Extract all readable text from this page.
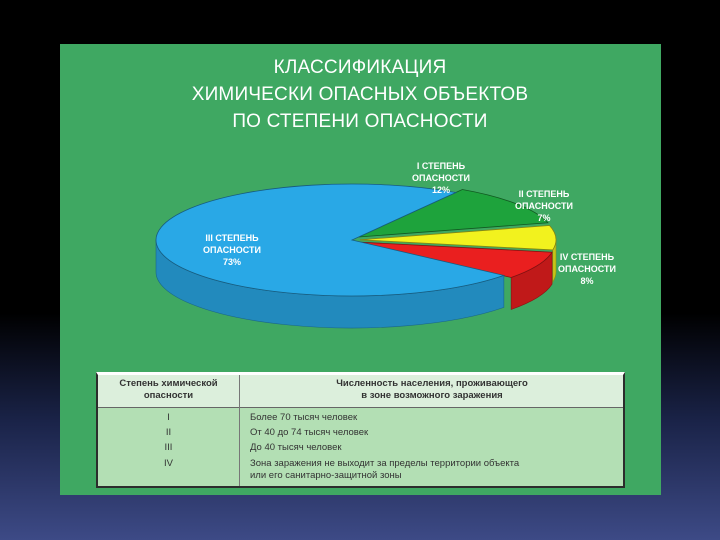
КЛАССИФИКАЦИЯ
ХИМИЧЕСКИ ОПАСНЫХ ОБЪЕКТОВ
ПО СТЕПЕНИ ОПАСНОСТИ
I СТЕПЕНЬ
ОПАСНОСТИ
12%	II СТЕПЕНЬ
ОПАСНОСТИ
7%
IV СТЕПЕНЬ
ОПАСНОСТИ
8%
III СТЕПЕНЬ
ОПАСНОСТИ
73%
Степень химической
опасности
Численность населения, проживающего
в зоне возможного заражения
I	Более 70 тысяч человек
II	От 40 до 74 тысяч человек
III	До 40 тысяч человек
IV	Зона заражения не выходит за пределы территории объекта
или его санитарно-защитной зоны
